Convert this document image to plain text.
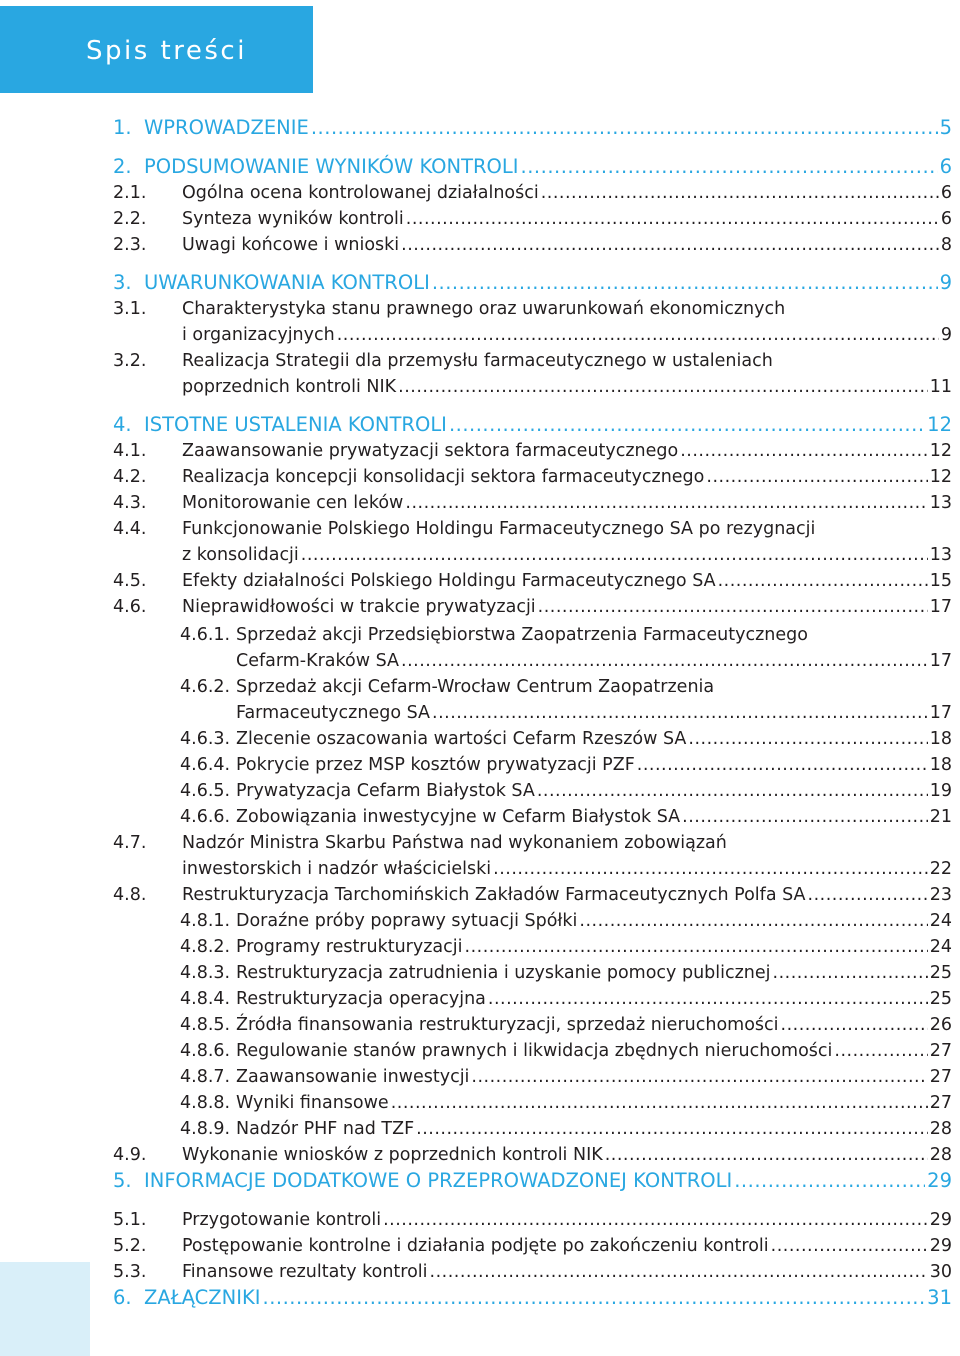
Spis treści
1. WPROWADZENIE	5
.....
2. PODSUMOWANIE WYNIKÓW KONTROLI	6
.....
2.1. Ogólna ocena kontrolowanej działalności	6
.....
2.2. Synteza wyników kontroli	6
.....
2.3. Uwagi końcowe i wnioski	8
.....
3. UWARUNKOWANIA KONTROLI	9
.....
3.1. Charakterystyka stanu prawnego oraz uwarunkowań ekonomicznych
i organizacyjnych	9
.....
3.2. Realizacja Strategii dla przemysłu farmaceutycznego w ustaleniach
poprzednich kontroli NIK	11
.....
4. ISTOTNE USTALENIA KONTROLI	12
.....
4.1. Zaawansowanie prywatyzacji sektora farmaceutycznego	12
.....
4.2. Realizacja koncepcji konsolidacji sektora farmaceutycznego	12
.....
4.3. Monitorowanie cen leków	13
.....
4.4. Funkcjonowanie Polskiego Holdingu Farmaceutycznego SA po rezygnacji
z konsolidacji	13
.....
4.5. Efekty działalności Polskiego Holdingu Farmaceutycznego SA	15
.....
4.6. Nieprawidłowości w trakcie prywatyzacji	17
.....
4.6.1. Sprzedaż akcji Przedsiębiorstwa Zaopatrzenia Farmaceutycznego
Cefarm-Kraków SA	17
.....
4.6.2. Sprzedaż akcji Cefarm-Wrocław Centrum Zaopatrzenia
Farmaceutycznego SA	17
.....
4.6.3. Zlecenie oszacowania wartości Cefarm Rzeszów SA	18
.....
4.6.4. Pokrycie przez MSP kosztów prywatyzacji PZF	18
.....
4.6.5. Prywatyzacja Cefarm Białystok SA	19
.....
4.6.6. Zobowiązania inwestycyjne w Cefarm Białystok SA	21
.....
4.7. Nadzór Ministra Skarbu Państwa nad wykonaniem zobowiązań
inwestorskich i nadzór właścicielski	22
.....
4.8. Restrukturyzacja Tarchomińskich Zakładów Farmaceutycznych Polfa SA	23
.....
4.8.1. Doraźne próby poprawy sytuacji Spółki	24
.....
4.8.2. Programy restrukturyzacji	24
.....
4.8.3. Restrukturyzacja zatrudnienia i uzyskanie pomocy publicznej	25
.....
4.8.4. Restrukturyzacja operacyjna	25
.....
4.8.5. Źródła finansowania restrukturyzacji, sprzedaż nieruchomości	26
.....
4.8.6. Regulowanie stanów prawnych i likwidacja zbędnych nieruchomości	27
.....
4.8.7. Zaawansowanie inwestycji	27
.....
4.8.8. Wyniki finansowe	27
.....
4.8.9. Nadzór PHF nad TZF	28
.....
4.9. Wykonanie wniosków z poprzednich kontroli NIK	28
.....
5. INFORMACJE DODATKOWE O PRZEPROWADZONEJ KONTROLI	29
.....
5.1. Przygotowanie kontroli	29
.....
5.2. Postępowanie kontrolne i działania podjęte po zakończeniu kontroli	29
.....
5.3. Finansowe rezultaty kontroli	30
.....
6. ZAŁĄCZNIKI	31
.....
